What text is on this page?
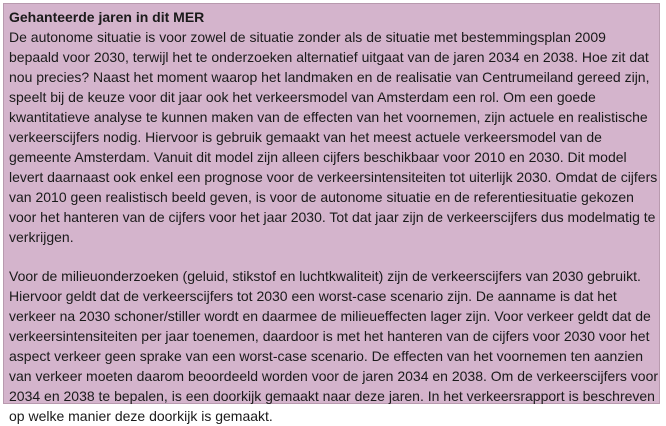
Gehanteerde jaren in dit MER

De autonome situatie is voor zowel de situatie zonder als de situatie met bestemmingsplan 2009 bepaald voor 2030, terwijl het te onderzoeken alternatief uitgaat van de jaren 2034 en 2038. Hoe zit dat nou precies? Naast het moment waarop het landmaken en de realisatie van Centrumeiland gereed zijn, speelt bij de keuze voor dit jaar ook het verkeersmodel van Amsterdam een rol. Om een goede kwantitatieve analyse te kunnen maken van de effecten van het voornemen, zijn actuele en realistische verkeerscijfers nodig. Hiervoor is gebruik gemaakt van het meest actuele verkeersmodel van de gemeente Amsterdam. Vanuit dit model zijn alleen cijfers beschikbaar voor 2010 en 2030. Dit model levert daarnaast ook enkel een prognose voor de verkeersintensiteiten tot uiterlijk 2030. Omdat de cijfers van 2010 geen realistisch beeld geven, is voor de autonome situatie en de referentiesituatie gekozen voor het hanteren van de cijfers voor het jaar 2030. Tot dat jaar zijn de verkeerscijfers dus modelmatig te verkrijgen.

Voor de milieuonderzoeken (geluid, stikstof en luchtkwaliteit) zijn de verkeerscijfers van 2030 gebruikt. Hiervoor geldt dat de verkeerscijfers tot 2030 een worst-case scenario zijn. De aanname is dat het verkeer na 2030 schoner/stiller wordt en daarmee de milieueffecten lager zijn. Voor verkeer geldt dat de verkeersintensiteiten per jaar toenemen, daardoor is met het hanteren van de cijfers voor 2030 voor het aspect verkeer geen sprake van een worst-case scenario. De effecten van het voornemen ten aanzien van verkeer moeten daarom beoordeeld worden voor de jaren 2034 en 2038. Om de verkeerscijfers voor 2034 en 2038 te bepalen, is een doorkijk gemaakt naar deze jaren. In het verkeersrapport is beschreven op welke manier deze doorkijk is gemaakt.
